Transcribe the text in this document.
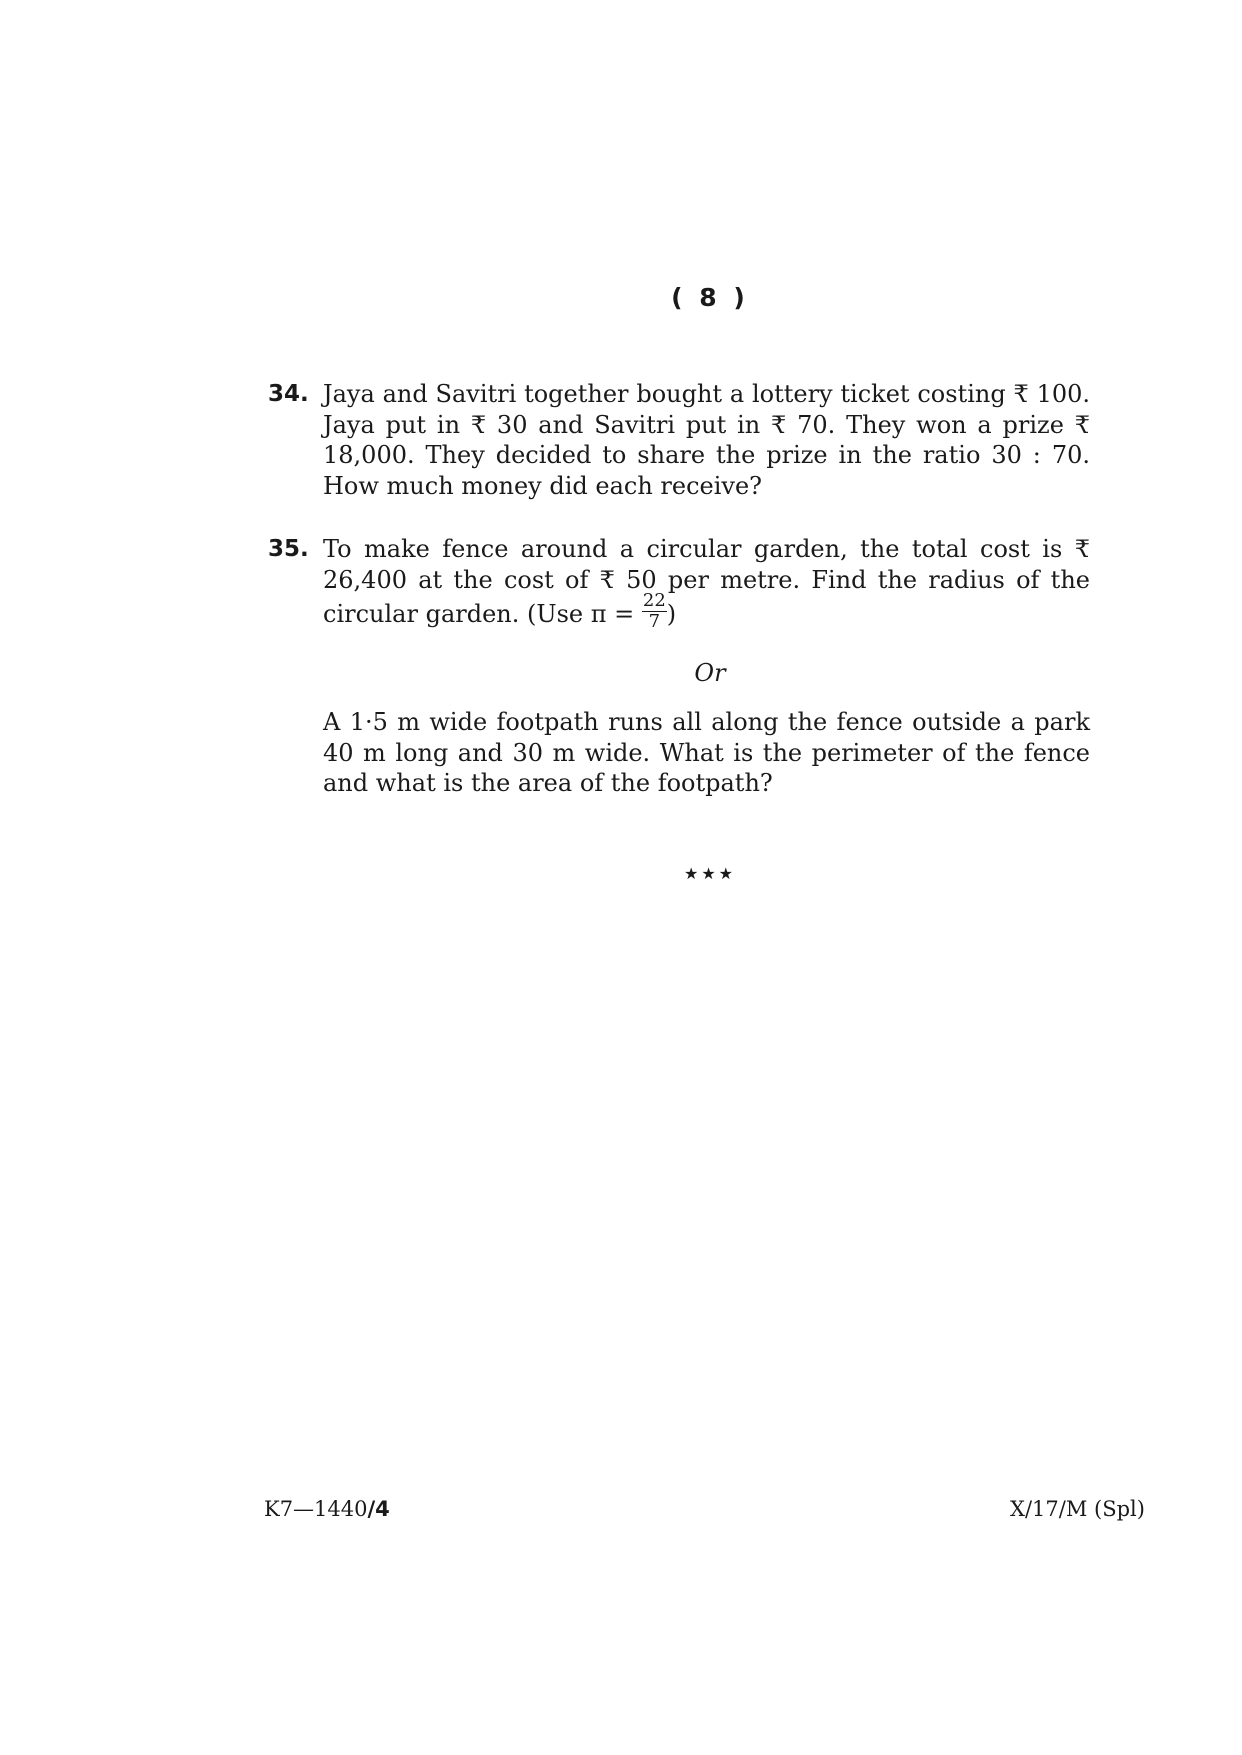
( 8 )
34. Jaya and Savitri together bought a lottery ticket costing ₹ 100. Jaya put in ₹ 30 and Savitri put in ₹ 70. They won a prize ₹ 18,000. They decided to share the prize in the ratio 30 : 70. How much money did each receive?
35. To make fence around a circular garden, the total cost is ₹ 26,400 at the cost of ₹ 50 per metre. Find the radius of the circular garden. (Use $\pi = \frac{22}{7}$ )
Or
A 1·5 m wide footpath runs all along the fence outside a park 40 m long and 30 m wide. What is the perimeter of the fence and what is the area of the footpath?
★★★
K7—1440/4	X/17/M (Spl)
